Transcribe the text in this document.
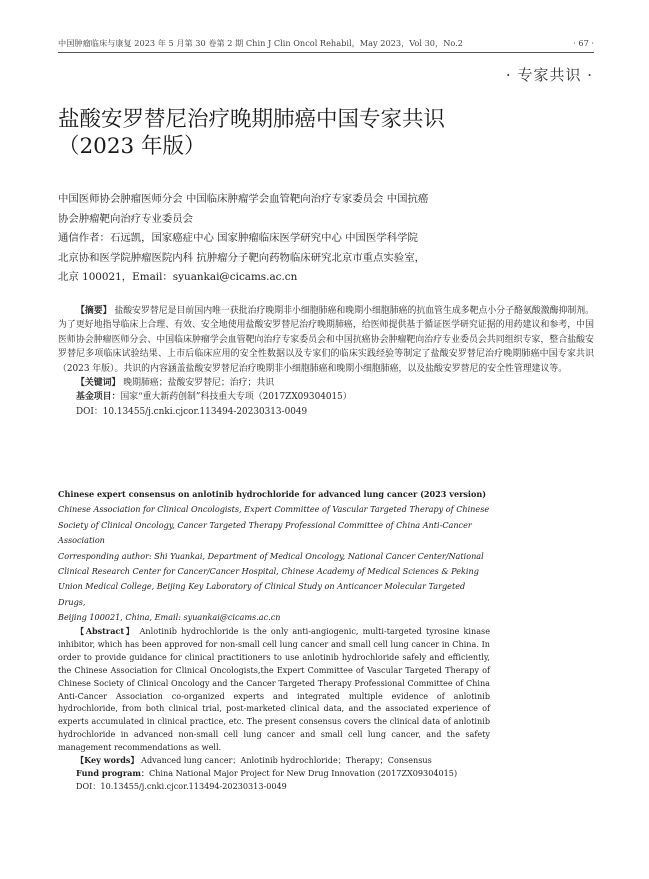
中国肿瘤临床与康复 2023 年 5 月第 30 卷第 2 期 Chin J Clin Oncol Rehabil，May 2023，Vol 30，No.2	· 67 ·
· 专家共识 ·
盐酸安罗替尼治疗晚期肺癌中国专家共识
（2023 年版）
中国医师协会肿瘤医师分会 中国临床肿瘤学会血管靶向治疗专家委员会 中国抗癌
协会肿瘤靶向治疗专业委员会
通信作者：石远凯，国家癌症中心 国家肿瘤临床医学研究中心 中国医学科学院
北京协和医学院肿瘤医院内科 抗肿瘤分子靶向药物临床研究北京市重点实验室，
北京 100021，Email：syuankai@cicams.ac.cn

【摘要】 盐酸安罗替尼是目前国内唯一获批治疗晚期非小细胞肺癌和晚期小细胞肺癌的抗血管生成多靶点小分子酪氨酸激酶抑制剂。为了更好地指导临床上合理、有效、安全地使用盐酸安罗替尼治疗晚期肺癌，给医师提供基于循证医学研究证据的用药建议和参考，中国医师协会肿瘤医师分会、中国临床肿瘤学会血管靶向治疗专家委员会和中国抗癌协会肿瘤靶向治疗专业委员会共同组织专家，整合盐酸安罗替尼多项临床试验结果、上市后临床应用的安全性数据以及专家们的临床实践经验等制定了盐酸安罗替尼治疗晚期肺癌中国专家共识（2023 年版）。共识的内容涵盖盐酸安罗替尼治疗晚期非小细胞肺癌和晚期小细胞肺癌，以及盐酸安罗替尼的安全性管理建议等。

【关键词】 晚期肺癌；盐酸安罗替尼；治疗；共识
基金项目：国家“重大新药创制”科技重大专项（2017ZX09304015）
DOI：10.13455/j.cnki.cjcor.113494-20230313-0049
Chinese expert consensus on anlotinib hydrochloride for advanced lung cancer (2023 version)
Chinese Association for Clinical Oncologists, Expert Committee of Vascular Targeted Therapy of Chinese
Society of Clinical Oncology, Cancer Targeted Therapy Professional Committee of China Anti-Cancer
Association
Corresponding author: Shi Yuankai, Department of Medical Oncology, National Cancer Center/National
Clinical Research Center for Cancer/Cancer Hospital, Chinese Academy of Medical Sciences & Peking
Union Medical College, Beijing Key Laboratory of Clinical Study on Anticancer Molecular Targeted Drugs,
Beijing 100021, China, Email: syuankai@cicams.ac.cn

【Abstract】 Anlotinib hydrochloride is the only anti-angiogenic, multi-targeted tyrosine kinase inhibitor, which has been approved for non-small cell lung cancer and small cell lung cancer in China. In order to provide guidance for clinical practitioners to use anlotinib hydrochloride safely and efficiently, the Chinese Association for Clinical Oncologists,the Expert Committee of Vascular Targeted Therapy of Chinese Society of Clinical Oncology and the Cancer Targeted Therapy Professional Committee of China Anti-Cancer Association co-organized experts and integrated multiple evidence of anlotinib hydrochloride, from both clinical trial, post-marketed clinical data, and the associated experience of experts accumulated in clinical practice, etc. The present consensus covers the clinical data of anlotinib hydrochloride in advanced non-small cell lung cancer and small cell lung cancer, and the safety management recommendations as well.

【Key words】 Advanced lung cancer；Anlotinib hydrochloride；Therapy；Consensus
Fund program：China National Major Project for New Drug Innovation (2017ZX09304015)
DOI：10.13455/j.cnki.cjcor.113494-20230313-0049
